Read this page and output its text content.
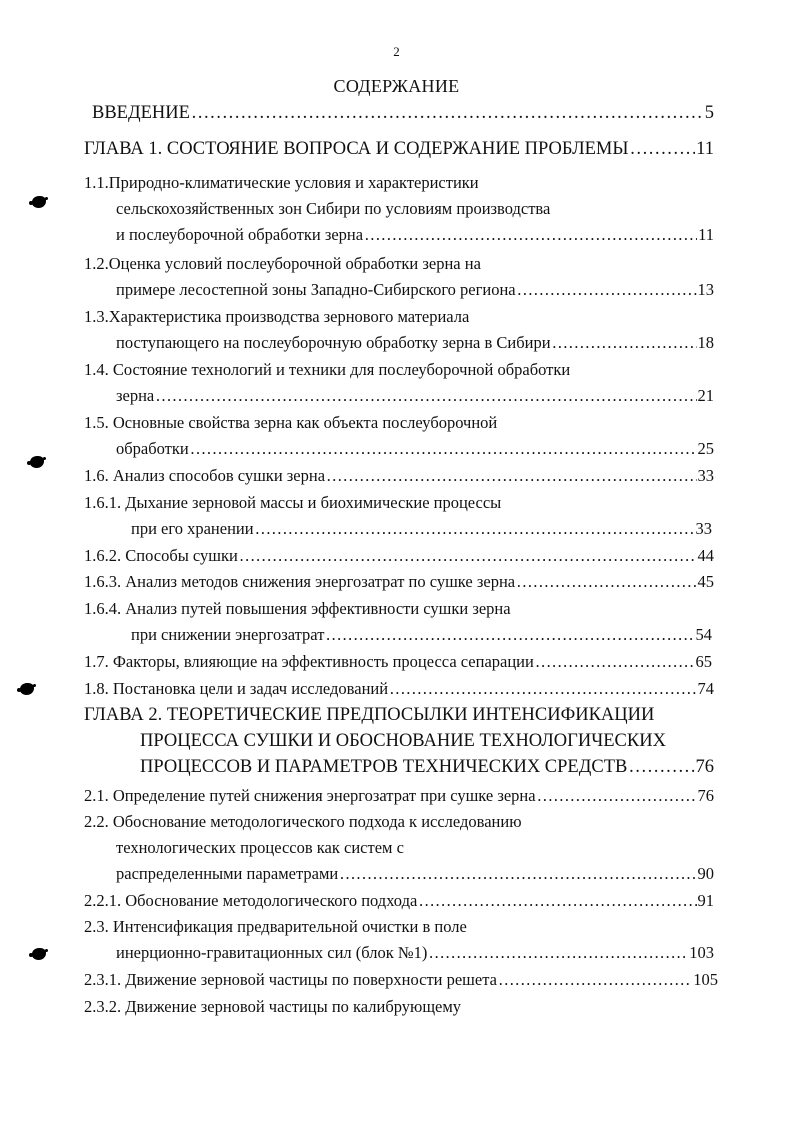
2
СОДЕРЖАНИЕ
ВВЕДЕНИЕ ……………………………………………………………………………………………………………………………………………………………………………	5
ГЛАВА 1. СОСТОЯНИЕ ВОПРОСА И СОДЕРЖАНИЕ ПРОБЛЕМЫ ……………………………………………………………………………………………………………………………………………………………………………	11
1.1.Природно-климатические условия и характеристики
сельскохозяйственных зон Сибири по условиям производства
и послеуборочной обработки зерна ……………………………………………………………………………………………………………………………………………………………………………	11
1.2.Оценка условий послеуборочной обработки зерна на
примере лесостепной зоны Западно-Сибирского региона ……………………………………………………………………………………………………………………………………………………………………………	13
1.3.Характеристика производства зернового материала
поступающего на послеуборочную обработку зерна в Сибири ……………………………………………………………………………………………………………………………………………………………………………	18
1.4. Состояние технологий и техники для послеуборочной обработки
зерна ……………………………………………………………………………………………………………………………………………………………………………	21
1.5. Основные свойства зерна как объекта послеуборочной
обработки ……………………………………………………………………………………………………………………………………………………………………………	25
1.6. Анализ способов сушки зерна ……………………………………………………………………………………………………………………………………………………………………………	33
1.6.1. Дыхание зерновой массы и биохимические процессы
при его хранении ……………………………………………………………………………………………………………………………………………………………………………	33
1.6.2. Способы сушки ……………………………………………………………………………………………………………………………………………………………………………	44
1.6.3. Анализ методов снижения энергозатрат по сушке зерна ……………………………………………………………………………………………………………………………………………………………………………	45
1.6.4. Анализ путей повышения эффективности сушки зерна
при снижении энергозатрат ……………………………………………………………………………………………………………………………………………………………………………	54
1.7. Факторы, влияющие на эффективность процесса сепарации ……………………………………………………………………………………………………………………………………………………………………………	65
1.8. Постановка цели и задач исследований ……………………………………………………………………………………………………………………………………………………………………………	74
ГЛАВА 2. ТЕОРЕТИЧЕСКИЕ ПРЕДПОСЫЛКИ ИНТЕНСИФИКАЦИИ
ПРОЦЕССА СУШКИ И ОБОСНОВАНИЕ ТЕХНОЛОГИЧЕСКИХ
ПРОЦЕССОВ И ПАРАМЕТРОВ ТЕХНИЧЕСКИХ СРЕДСТВ ……………………………………………………………………………………………………………………………………………………………………………	76
2.1. Определение путей снижения энергозатрат при сушке зерна ……………………………………………………………………………………………………………………………………………………………………………	76
2.2. Обоснование методологического подхода к исследованию
технологических процессов как систем с
распределенными параметрами ……………………………………………………………………………………………………………………………………………………………………………	90
2.2.1. Обоснование методологического подхода ……………………………………………………………………………………………………………………………………………………………………………	91
2.3. Интенсификация предварительной очистки в поле
инерционно-гравитационных сил (блок №1) ……………………………………………………………………………………………………………………………………………………………………………	103
2.3.1. Движение зерновой частицы по поверхности решета ……………………………………………………………………………………………………………………………………………………………………………	105
2.3.2. Движение зерновой частицы по калибрующему
